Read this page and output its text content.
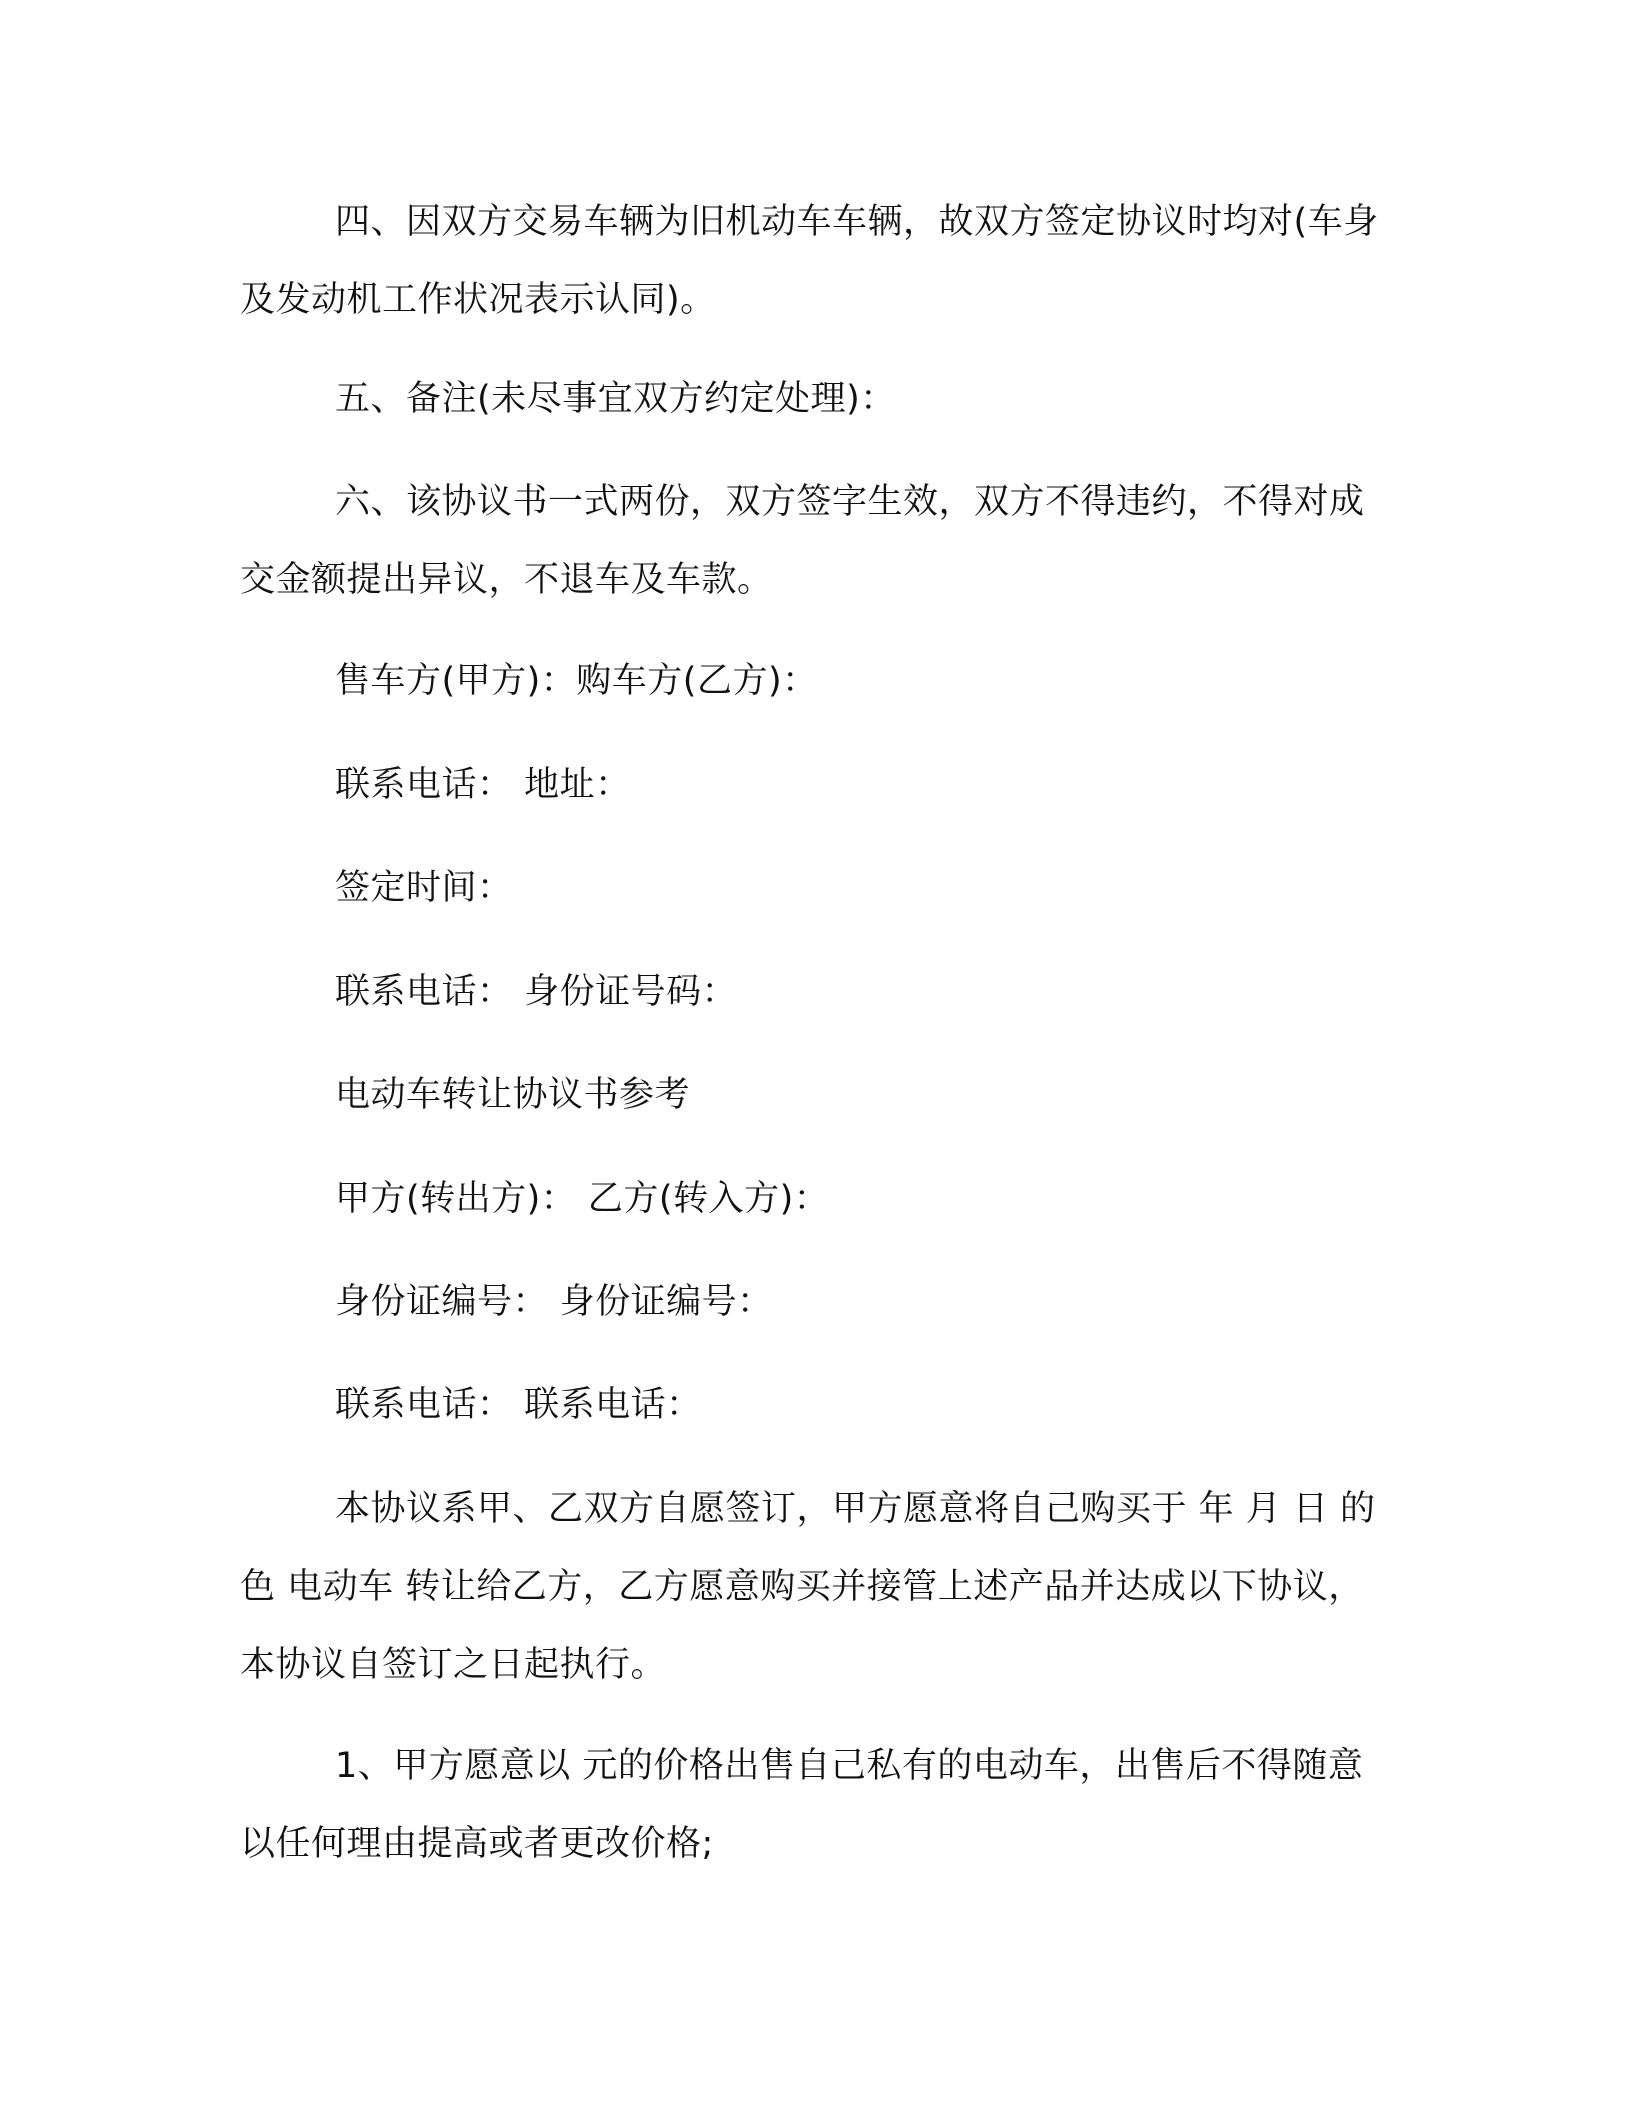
四、因双方交易车辆为旧机动车车辆，故双方签定协议时均对(车身及发动机工作状况表示认同)。

五、备注(未尽事宜双方约定处理)：

六、该协议书一式两份，双方签字生效，双方不得违约，不得对成交金额提出异议，不退车及车款。

售车方(甲方)：购车方(乙方)：

联系电话： 地址：

签定时间：

联系电话： 身份证号码：

电动车转让协议书参考

甲方(转出方)： 乙方(转入方)：

身份证编号： 身份证编号：

联系电话： 联系电话：

本协议系甲、乙双方自愿签订，甲方愿意将自己购买于 年 月 日 的 色 电动车 转让给乙方，乙方愿意购买并接管上述产品并达成以下协议，本协议自签订之日起执行。

1、甲方愿意以 元的价格出售自己私有的电动车，出售后不得随意以任何理由提高或者更改价格;
